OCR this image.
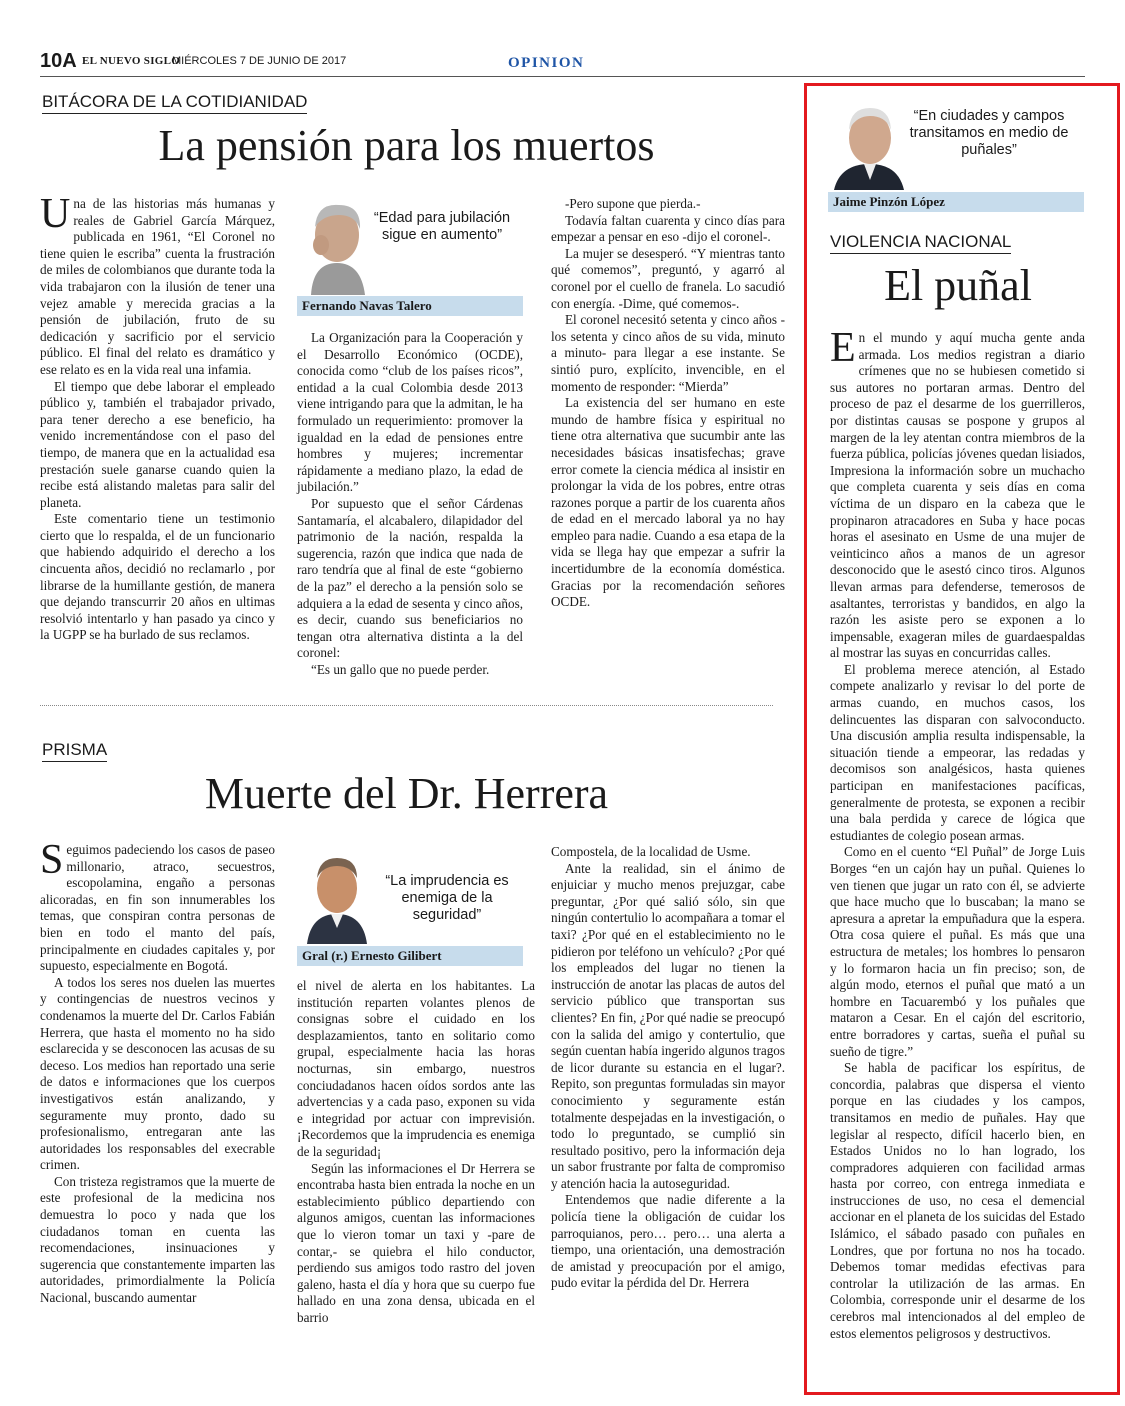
10A EL NUEVO SIGLO
MIÉRCOLES 7 DE JUNIO DE 2017	OPINION
BITÁCORA DE LA COTIDIANIDAD
La pensión para los muertos

Una de las historias más humanas y reales de Gabriel García Márquez, publicada en 1961, “El Coronel no tiene quien le escriba” cuenta la frustración de miles de colombianos que durante toda la vida trabajaron con la ilusión de tener una vejez amable y merecida gracias a la pensión de jubilación, fruto de su dedicación y sacrificio por el servicio público. El final del relato es dramático y ese relato es en la vida real una infamia.

El tiempo que debe laborar el empleado público y, también el trabajador privado, para tener derecho a ese beneficio, ha venido incrementándose con el paso del tiempo, de manera que en la actualidad esa prestación suele ganarse cuando quien la recibe está alistando maletas para salir del planeta.

Este comentario tiene un testimonio cierto que lo respalda, el de un funcionario que habiendo adquirido el derecho a los cincuenta años, decidió no reclamarlo , por librarse de la humillante gestión, de manera que dejando transcurrir 20 años en ultimas resolvió intentarlo y han pasado ya cinco y la UGPP se ha burlado de sus reclamos.

“Edad para jubilación sigue en aumento”
Fernando Navas Talero

La Organización para la Cooperación y el Desarrollo Económico (OCDE), conocida como “club de los países ricos”, entidad a la cual Colombia desde 2013 viene intrigando para que la admitan, le ha formulado un requerimiento: promover la igualdad en la edad de pensiones entre hombres y mujeres; incrementar rápidamente a mediano plazo, la edad de jubilación.”

Por supuesto que el señor Cárdenas Santamaría, el alcabalero, dilapidador del patrimonio de la nación, respalda la sugerencia, razón que indica que nada de raro tendría que al final de este “gobierno de la paz” el derecho a la pensión solo se adquiera a la edad de sesenta y cinco años, es decir, cuando sus beneficiarios no tengan otra alternativa distinta a la del coronel:

“Es un gallo que no puede perder.

-Pero supone que pierda.-

Todavía faltan cuarenta y cinco días para empezar a pensar en eso -dijo el coronel-.

La mujer se desesperó. “Y mientras tanto qué comemos”, preguntó, y agarró al coronel por el cuello de franela. Lo sacudió con energía. -Dime, qué comemos-.

El coronel necesitó setenta y cinco años -los setenta y cinco años de su vida, minuto a minuto- para llegar a ese instante. Se sintió puro, explícito, invencible, en el momento de responder: “Mierda”

La existencia del ser humano en este mundo de hambre física y espiritual no tiene otra alternativa que sucumbir ante las necesidades básicas insatisfechas; grave error comete la ciencia médica al insistir en prolongar la vida de los pobres, entre otras razones porque a partir de los cuarenta años de edad en el mercado laboral ya no hay empleo para nadie. Cuando a esa etapa de la vida se llega hay que empezar a sufrir la incertidumbre de la economía doméstica. Gracias por la recomendación señores OCDE.

PRISMA
Muerte del Dr. Herrera

Seguimos padeciendo los casos de paseo millonario, atraco, secuestros, escopolamina, engaño a personas alicoradas, en fin son innumerables los temas, que conspiran contra personas de bien en todo el manto del país, principalmente en ciudades capitales y, por supuesto, especialmente en Bogotá.

A todos los seres nos duelen las muertes y contingencias de nuestros vecinos y condenamos la muerte del Dr. Carlos Fabián Herrera, que hasta el momento no ha sido esclarecida y se desconocen las acusas de su deceso. Los medios han reportado una serie de datos e informaciones que los cuerpos investigativos están analizando, y seguramente muy pronto, dado su profesionalismo, entregaran ante las autoridades los responsables del execrable crimen.

Con tristeza registramos que la muerte de este profesional de la medicina nos demuestra lo poco y nada que los ciudadanos toman en cuenta las recomendaciones, insinuaciones y sugerencia que constantemente imparten las autoridades, primordialmente la Policía Nacional, buscando aumentar

“La imprudencia es enemiga de la seguridad”
Gral (r.) Ernesto Gilibert

el nivel de alerta en los habitantes. La institución reparten volantes plenos de consignas sobre el cuidado en los desplazamientos, tanto en solitario como grupal, especialmente hacia las horas nocturnas, sin embargo, nuestros conciudadanos hacen oídos sordos ante las advertencias y a cada paso, exponen su vida e integridad por actuar con imprevisión. ¡Recordemos que la imprudencia es enemiga de la seguridad¡

Según las informaciones el Dr Herrera se encontraba hasta bien entrada la noche en un establecimiento público departiendo con algunos amigos, cuentan las informaciones que lo vieron tomar un taxi y -pare de contar,- se quiebra el hilo conductor, perdiendo sus amigos todo rastro del joven galeno, hasta el día y hora que su cuerpo fue hallado en una zona densa, ubicada en el barrio

Compostela, de la localidad de Usme.

Ante la realidad, sin el ánimo de enjuiciar y mucho menos prejuzgar, cabe preguntar, ¿Por qué salió sólo, sin que ningún contertulio lo acompañara a tomar el taxi? ¿Por qué en el establecimiento no le pidieron por teléfono un vehículo? ¿Por qué los empleados del lugar no tienen la instrucción de anotar las placas de autos del servicio público que transportan sus clientes? En fin, ¿Por qué nadie se preocupó con la salida del amigo y contertulio, que según cuentan había ingerido algunos tragos de licor durante su estancia en el lugar?. Repito, son preguntas formuladas sin mayor conocimiento y seguramente están totalmente despejadas en la investigación, o todo lo preguntado, se cumplió sin resultado positivo, pero la información deja un sabor frustrante por falta de compromiso y atención hacia la autoseguridad.

Entendemos que nadie diferente a la policía tiene la obligación de cuidar los parroquianos, pero… pero… una alerta a tiempo, una orientación, una demostración de amistad y preocupación por el amigo, pudo evitar la pérdida del Dr. Herrera

“En ciudades y campos transitamos en medio de puñales”
Jaime Pinzón López
VIOLENCIA NACIONAL
El puñal

En el mundo y aquí mucha gente anda armada. Los medios registran a diario crímenes que no se hubiesen cometido si sus autores no portaran armas. Dentro del proceso de paz el desarme de los guerrilleros, por distintas causas se pospone y grupos al margen de la ley atentan contra miembros de la fuerza pública, policías jóvenes quedan lisiados, Impresiona la información sobre un muchacho que completa cuarenta y seis días en coma víctima de un disparo en la cabeza que le propinaron atracadores en Suba y hace pocas horas el asesinato en Usme de una mujer de veinticinco años a manos de un agresor desconocido que le asestó cinco tiros. Algunos llevan armas para defenderse, temerosos de asaltantes, terroristas y bandidos, en algo la razón les asiste pero se exponen a lo impensable, exageran miles de guardaespaldas al mostrar las suyas en concurridas calles.

El problema merece atención, al Estado compete analizarlo y revisar lo del porte de armas cuando, en muchos casos, los delincuentes las disparan con salvoconducto. Una discusión amplia resulta indispensable, la situación tiende a empeorar, las redadas y decomisos son analgésicos, hasta quienes participan en manifestaciones pacíficas, generalmente de protesta, se exponen a recibir una bala perdida y carece de lógica que estudiantes de colegio posean armas.

Como en el cuento “El Puñal” de Jorge Luis Borges “en un cajón hay un puñal. Quienes lo ven tienen que jugar un rato con él, se advierte que hace mucho que lo buscaban; la mano se apresura a apretar la empuñadura que la espera. Otra cosa quiere el puñal. Es más que una estructura de metales; los hombres lo pensaron y lo formaron hacia un fin preciso; son, de algún modo, eternos el puñal que mató a un hombre en Tacuarembó y los puñales que mataron a Cesar. En el cajón del escritorio, entre borradores y cartas, sueña el puñal su sueño de tigre.”

Se habla de pacificar los espíritus, de concordia, palabras que dispersa el viento porque en las ciudades y los campos, transitamos en medio de puñales. Hay que legislar al respecto, difícil hacerlo bien, en Estados Unidos no lo han logrado, los compradores adquieren con facilidad armas hasta por correo, con entrega inmediata e instrucciones de uso, no cesa el demencial accionar en el planeta de los suicidas del Estado Islámico, el sábado pasado con puñales en Londres, que por fortuna no nos ha tocado. Debemos tomar medidas efectivas para controlar la utilización de las armas. En Colombia, corresponde unir el desarme de los cerebros mal intencionados al del empleo de estos elementos peligrosos y destructivos.
